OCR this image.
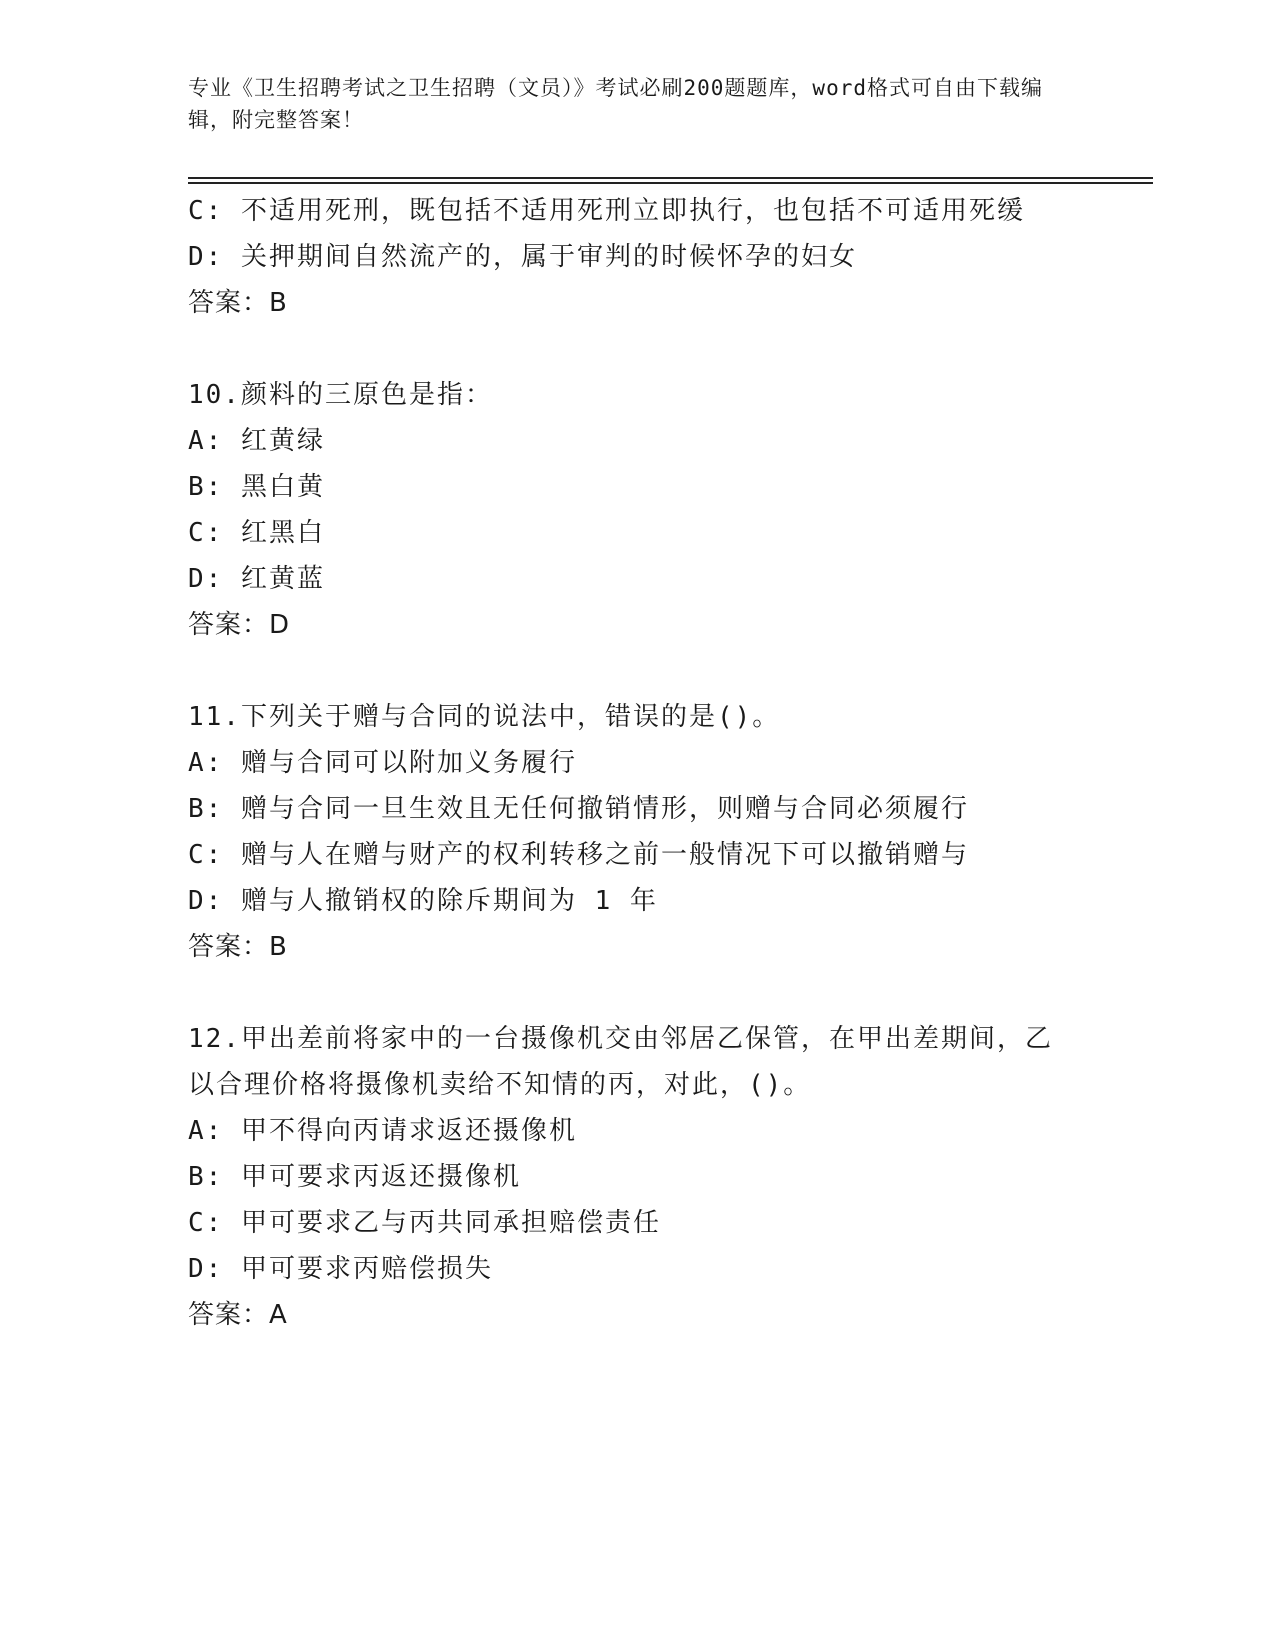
专业《卫生招聘考试之卫生招聘（文员）》考试必刷200题题库，word格式可自由下载编辑，附完整答案！
C: 不适用死刑，既包括不适用死刑立即执行，也包括不可适用死缓
D: 关押期间自然流产的，属于审判的时候怀孕的妇女
答案：B
10.颜料的三原色是指：
A: 红黄绿
B: 黑白黄
C: 红黑白
D: 红黄蓝
答案：D
11.下列关于赠与合同的说法中，错误的是()。
A: 赠与合同可以附加义务履行
B: 赠与合同一旦生效且无任何撤销情形，则赠与合同必须履行
C: 赠与人在赠与财产的权利转移之前一般情况下可以撤销赠与
D: 赠与人撤销权的除斥期间为 1 年
答案：B
12.甲出差前将家中的一台摄像机交由邻居乙保管，在甲出差期间，乙
以合理价格将摄像机卖给不知情的丙，对此，()。
A: 甲不得向丙请求返还摄像机
B: 甲可要求丙返还摄像机
C: 甲可要求乙与丙共同承担赔偿责任
D: 甲可要求丙赔偿损失
答案：A
